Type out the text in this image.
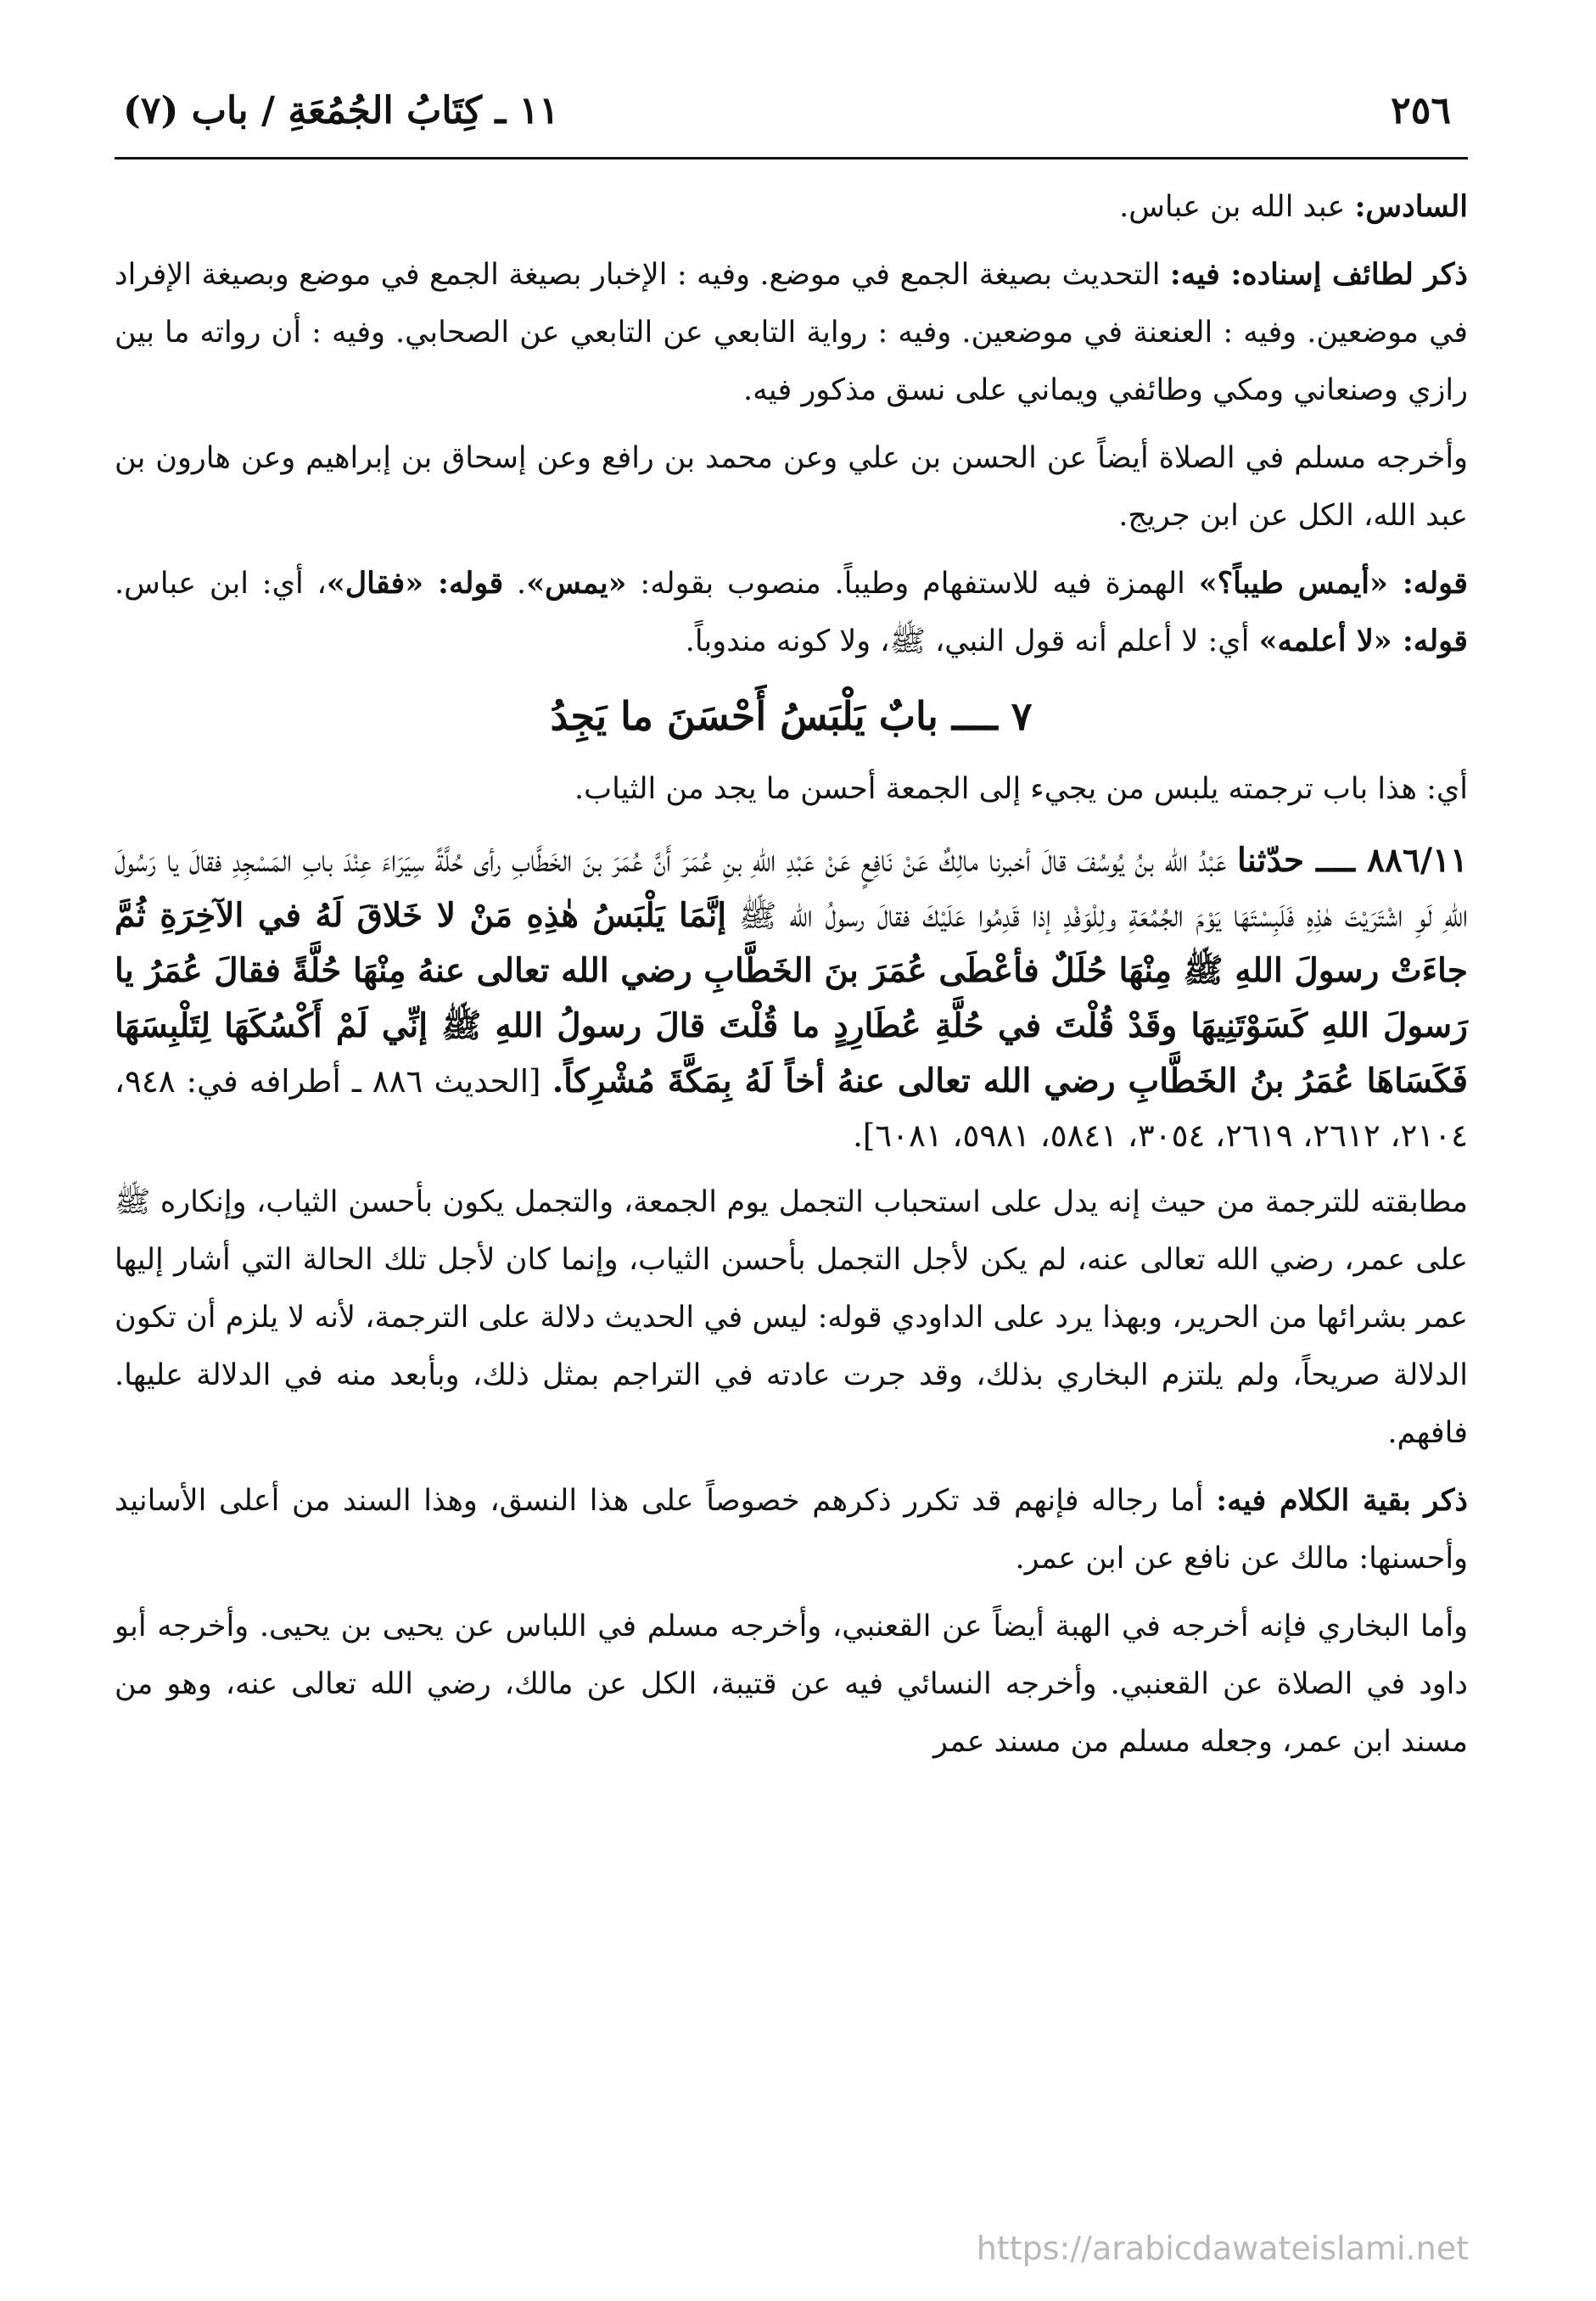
٢٥٦
١١ ـ كِتَابُ الجُمُعَةِ / باب (٧)

السادس: عبد الله بن عباس.

ذكر لطائف إسناده: فيه: التحديث بصيغة الجمع في موضع. وفيه : الإخبار بصيغة الجمع في موضع وبصيغة الإفراد في موضعين. وفيه : العنعنة في موضعين. وفيه : رواية التابعي عن التابعي عن الصحابي. وفيه : أن رواته ما بين رازي وصنعاني ومكي وطائفي ويماني على نسق مذكور فيه.

وأخرجه مسلم في الصلاة أيضاً عن الحسن بن علي وعن محمد بن رافع وعن إسحاق بن إبراهيم وعن هارون بن عبد الله، الكل عن ابن جريج.

قوله: «أيمس طيباً؟» الهمزة فيه للاستفهام وطيباً. منصوب بقوله: «يمس». قوله: «فقال»، أي: ابن عباس. قوله: «لا أعلمه» أي: لا أعلم أنه قول النبي، ﷺ، ولا كونه مندوباً.

٧ ــــ بابٌ يَلْبَسُ أَحْسَنَ ما يَجِدُ

أي: هذا باب ترجمته يلبس من يجيء إلى الجمعة أحسن ما يجد من الثياب.

٨٨٦/١١ ــــ حدّثنا عَبْدُ الله بنُ يُوسُفَ قالَ أخبرنا مالِكٌ عَنْ نَافِعٍ عَنْ عَبْدِ اللهِ بنِ عُمَرَ أَنَّ عُمَرَ بنَ الخَطَّابِ رأى حُلَّةً سِيَرَاءَ عِنْدَ بابِ المَسْجِدِ فقالَ يا رَسُولَ اللهِ لَوِ اشْتَرَيْتَ هٰذِهِ فَلَبِسْتَهَا يَوْمَ الجُمُعَةِ ولِلْوَفْدِ إذا قَدِمُوا عَلَيْكَ فقالَ رسولُ الله ﷺ إنَّمَا يَلْبَسُ هٰذِهِ مَنْ لا خَلاقَ لَهُ في الآخِرَةِ ثُمَّ جاءَتْ رسولَ اللهِ ﷺ مِنْهَا حُلَلٌ فأعْطَى عُمَرَ بنَ الخَطَّابِ رضي الله تعالى عنهُ مِنْهَا حُلَّةً فقالَ عُمَرُ يا رَسولَ اللهِ كَسَوْتَنِيهَا وقَدْ قُلْتَ في حُلَّةِ عُطَارِدٍ ما قُلْتَ قالَ رسولُ اللهِ ﷺ إنِّي لَمْ أَكْسُكَهَا لِتَلْبِسَهَا فَكَسَاهَا عُمَرُ بنُ الخَطَّابِ رضي الله تعالى عنهُ أخاً لَهُ بِمَكَّةَ مُشْرِكاً. [الحديث ٨٨٦ ـ أطرافه في: ٩٤٨، ٢١٠٤، ٢٦١٢، ٢٦١٩، ٣٠٥٤، ٥٨٤١، ٥٩٨١، ٦٠٨١].

مطابقته للترجمة من حيث إنه يدل على استحباب التجمل يوم الجمعة، والتجمل يكون بأحسن الثياب، وإنكاره ﷺ على عمر، رضي الله تعالى عنه، لم يكن لأجل التجمل بأحسن الثياب، وإنما كان لأجل تلك الحالة التي أشار إليها عمر بشرائها من الحرير، وبهذا يرد على الداودي قوله: ليس في الحديث دلالة على الترجمة، لأنه لا يلزم أن تكون الدلالة صريحاً، ولم يلتزم البخاري بذلك، وقد جرت عادته في التراجم بمثل ذلك، وبأبعد منه في الدلالة عليها. فافهم.

ذكر بقية الكلام فيه: أما رجاله فإنهم قد تكرر ذكرهم خصوصاً على هذا النسق، وهذا السند من أعلى الأسانيد وأحسنها: مالك عن نافع عن ابن عمر.

وأما البخاري فإنه أخرجه في الهبة أيضاً عن القعنبي، وأخرجه مسلم في اللباس عن يحيى بن يحيى. وأخرجه أبو داود في الصلاة عن القعنبي. وأخرجه النسائي فيه عن قتيبة، الكل عن مالك، رضي الله تعالى عنه، وهو من مسند ابن عمر، وجعله مسلم من مسند عمر

https://arabicdawateislami.net
